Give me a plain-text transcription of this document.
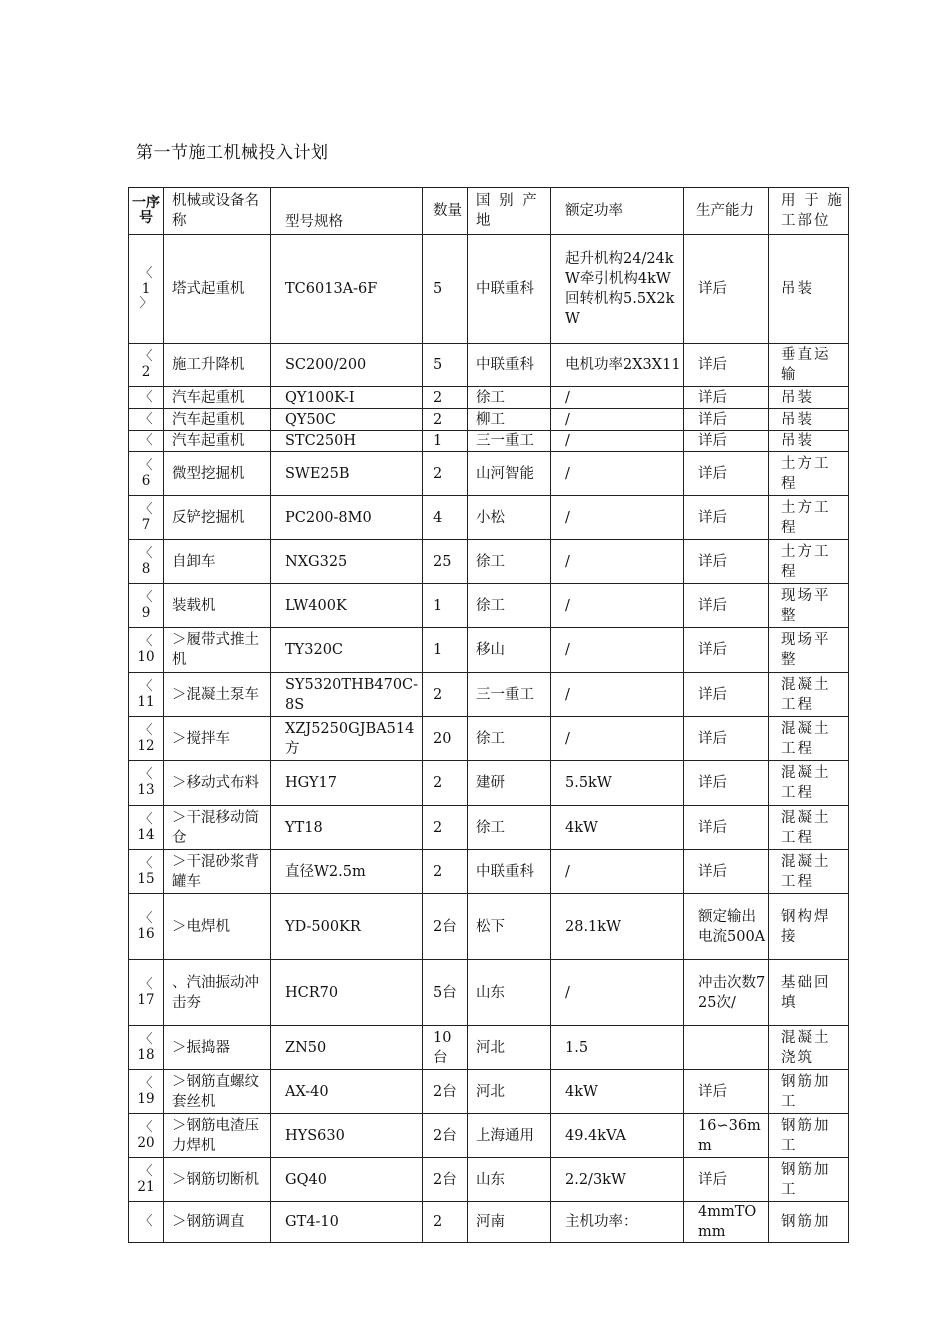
第一节施工机械投入计划
一序号	机械或设备名称	型号规格	数量	国 别 产地	额定功率	生产能力	用 于 施工部位

〈
1
〉	塔式起重机	TC6013A-6F	5	中联重科	起升机构24/24kW牵引机构4kW回转机构5.5X2kW	详后	吊装

〈
2	施工升降机	SC200/200	5	中联重科	电机功率2X3X11	详后	垂直运输

〈	汽车起重机	QY100K-I	2	徐工	/	详后	吊装

〈	汽车起重机	QY50C	2	柳工	/	详后	吊装

〈	汽车起重机	STC250H	1	三一重工	/	详后	吊装

〈
6	微型挖掘机	SWE25B	2	山河智能	/	详后	土方工程

〈
7	反铲挖掘机	PC200-8M0	4	小松	/	详后	土方工程

〈
8	自卸车	NXG325	25	徐工	/	详后	土方工程

〈
9	装载机	LW400K	1	徐工	/	详后	现场平整

〈
10	＞履带式推土机	TY320C	1	移山	/	详后	现场平整

〈
11	＞混凝土泵车	SY5320THB470C-8S	2	三一重工	/	详后	混凝土工程

〈
12	＞搅拌车	XZJ5250GJBA514方	20	徐工	/	详后	混凝土工程

〈
13	＞移动式布料	HGY17	2	建研	5.5kW	详后	混凝土工程

〈
14	＞干混移动筒仓	YT18	2	徐工	4kW	详后	混凝土工程

〈
15	＞干混砂浆背罐车	直径W2.5m	2	中联重科	/	详后	混凝土工程

〈
16	＞电焊机	YD-500KR	2台	松下	28.1kW	额定输出电流500A	钢构焊接

〈
17	、汽油振动冲击夯	HCR70	5台	山东	/	冲击次数725次/	基础回填

〈
18	＞振捣器	ZN50	10台	河北	1.5		混凝土浇筑

〈
19	＞钢筋直螺纹套丝机	AX-40	2台	河北	4kW	详后	钢筋加工

〈
20	＞钢筋电渣压力焊机	HYS630	2台	上海通用	49.4kVA	16∽36mm	钢筋加工

〈
21	＞钢筋切断机	GQ40	2台	山东	2.2/3kW	详后	钢筋加工

〈	＞钢筋调直	GT4-10	2	河南	主机功率：	4mmTOmm	钢筋加
